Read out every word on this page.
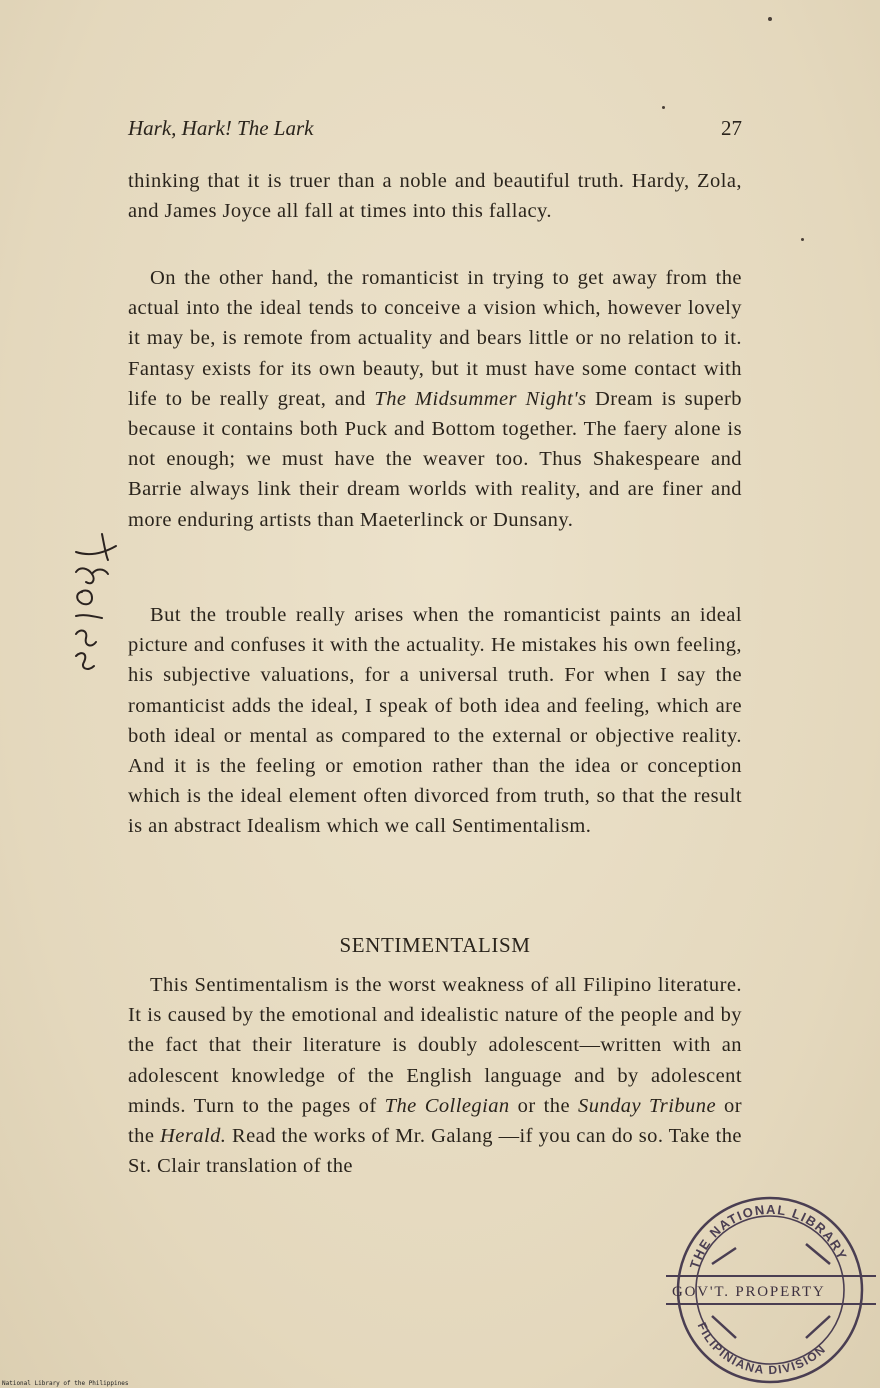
Hark, Hark! The Lark	27

thinking that it is truer than a noble and beautiful truth. Hardy, Zola, and James Joyce all fall at times into this fallacy.

On the other hand, the romanticist in trying to get away from the actual into the ideal tends to conceive a vision which, however lovely it may be, is remote from actuality and bears little or no relation to it. Fantasy exists for its own beauty, but it must have some contact with life to be really great, and The Midsummer Night's Dream is superb because it contains both Puck and Bottom together. The faery alone is not enough; we must have the weaver too. Thus Shakespeare and Barrie always link their dream worlds with reality, and are finer and more enduring artists than Maeterlinck or Dunsany.

But the trouble really arises when the romanticist paints an ideal picture and confuses it with the actuality. He mistakes his own feeling, his subjective valuations, for a universal truth. For when I say the romanticist adds the ideal, I speak of both idea and feeling, which are both ideal or mental as compared to the external or objective reality. And it is the feeling or emotion rather than the idea or conception which is the ideal element often divorced from truth, so that the result is an abstract Idealism which we call Sentimentalism.

SENTIMENTALISM

This Sentimentalism is the worst weakness of all Filipino literature. It is caused by the emotional and idealistic nature of the people and by the fact that their literature is doubly adolescent—written with an adolescent knowledge of the English language and by adolescent minds. Turn to the pages of The Collegian or the Sunday Tribune or the Herald. Read the works of Mr. Galang —if you can do so. Take the St. Clair translation of the

310821
THE NATIONAL LIBRARY
FILIPINIANA DIVISION
GOV'T. PROPERTY
National Library of the Philippines
